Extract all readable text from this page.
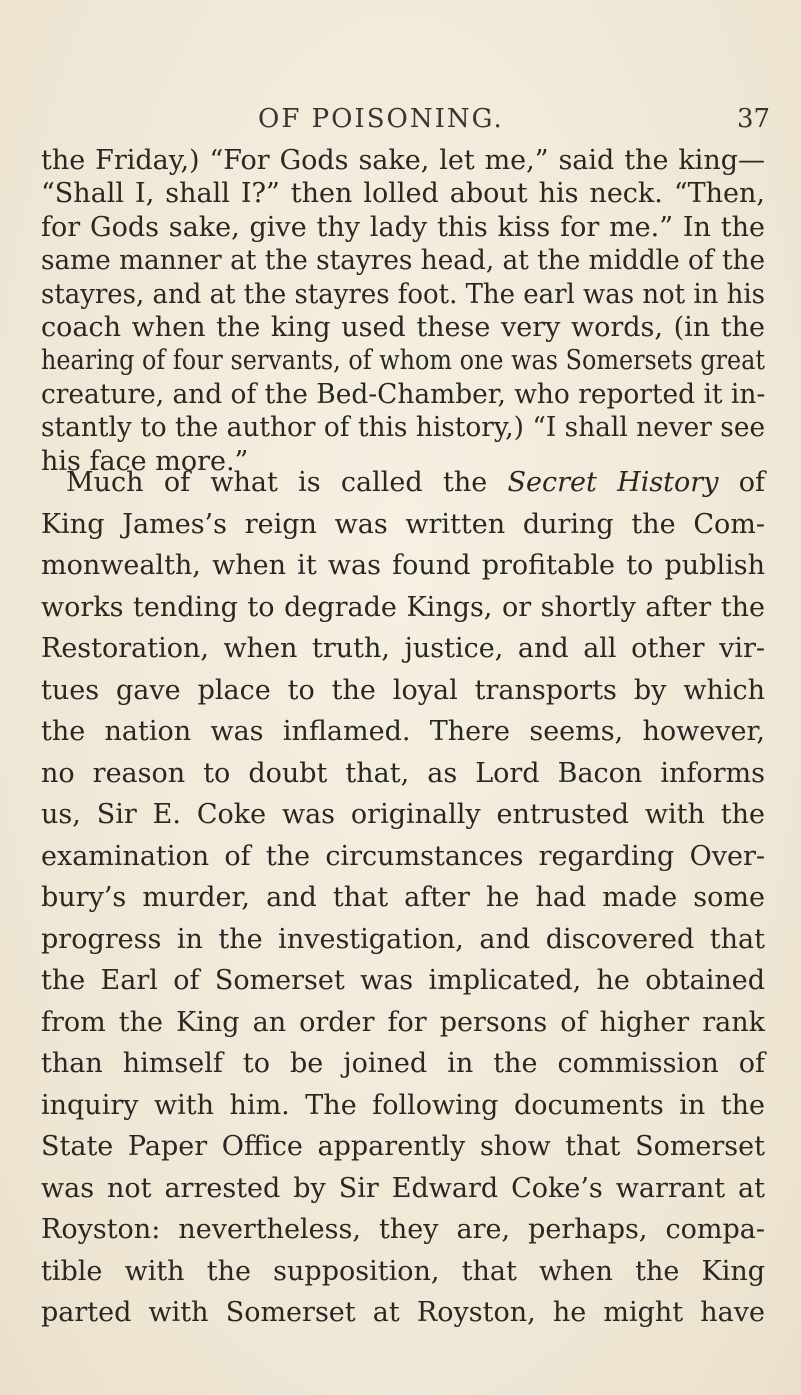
OF POISONING.	37
the Friday,) “For Gods sake, let me,” said the king—
“Shall I, shall I?” then lolled about his neck. “Then,
for Gods sake, give thy lady this kiss for me.” In the
same manner at the stayres head, at the middle of the
stayres, and at the stayres foot. The earl was not in his
coach when the king used these very words, (in the
hearing of four servants, of whom one was Somersets great
creature, and of the Bed-Chamber, who reported it in-
stantly to the author of this history,) “I shall never see
his face more.”
Much of what is called the Secret History of
King James’s reign was written during the Com-
monwealth, when it was found profitable to publish
works tending to degrade Kings, or shortly after the
Restoration, when truth, justice, and all other vir-
tues gave place to the loyal transports by which
the nation was inflamed. There seems, however,
no reason to doubt that, as Lord Bacon informs
us, Sir E. Coke was originally entrusted with the
examination of the circumstances regarding Over-
bury’s murder, and that after he had made some
progress in the investigation, and discovered that
the Earl of Somerset was implicated, he obtained
from the King an order for persons of higher rank
than himself to be joined in the commission of
inquiry with him. The following documents in the
State Paper Office apparently show that Somerset
was not arrested by Sir Edward Coke’s warrant at
Royston: nevertheless, they are, perhaps, compa-
tible with the supposition, that when the King
parted with Somerset at Royston, he might have
